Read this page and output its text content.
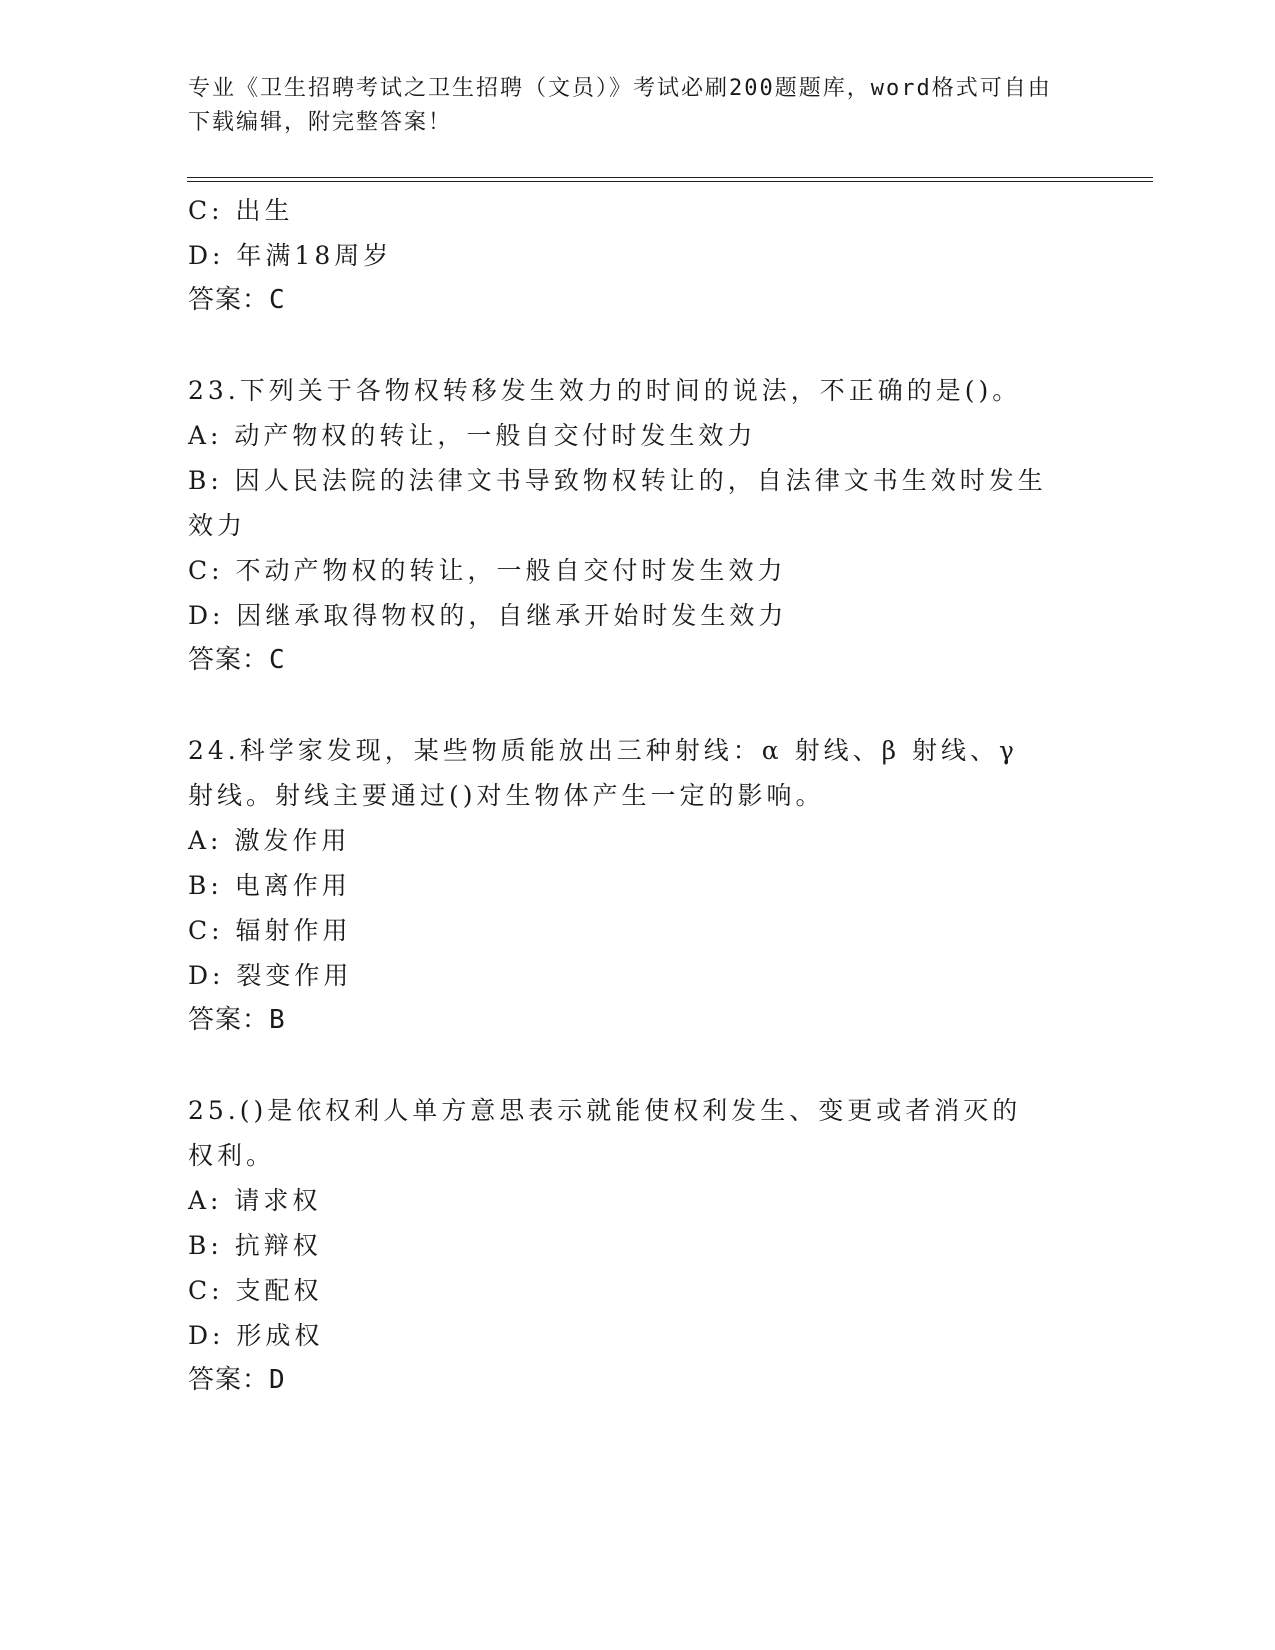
专业《卫生招聘考试之卫生招聘（文员）》考试必刷200题题库，word格式可自由下载编辑，附完整答案！

C: 出生
D: 年满18周岁
答案：C
23.下列关于各物权转移发生效力的时间的说法，不正确的是()。
A: 动产物权的转让，一般自交付时发生效力
B: 因人民法院的法律文书导致物权转让的，自法律文书生效时发生效力
C: 不动产物权的转让，一般自交付时发生效力
D: 因继承取得物权的，自继承开始时发生效力
答案：C
24.科学家发现，某些物质能放出三种射线：α 射线、β 射线、γ 射线。射线主要通过()对生物体产生一定的影响。
A: 激发作用
B: 电离作用
C: 辐射作用
D: 裂变作用
答案：B
25.()是依权利人单方意思表示就能使权利发生、变更或者消灭的权利。
A: 请求权
B: 抗辩权
C: 支配权
D: 形成权
答案：D
